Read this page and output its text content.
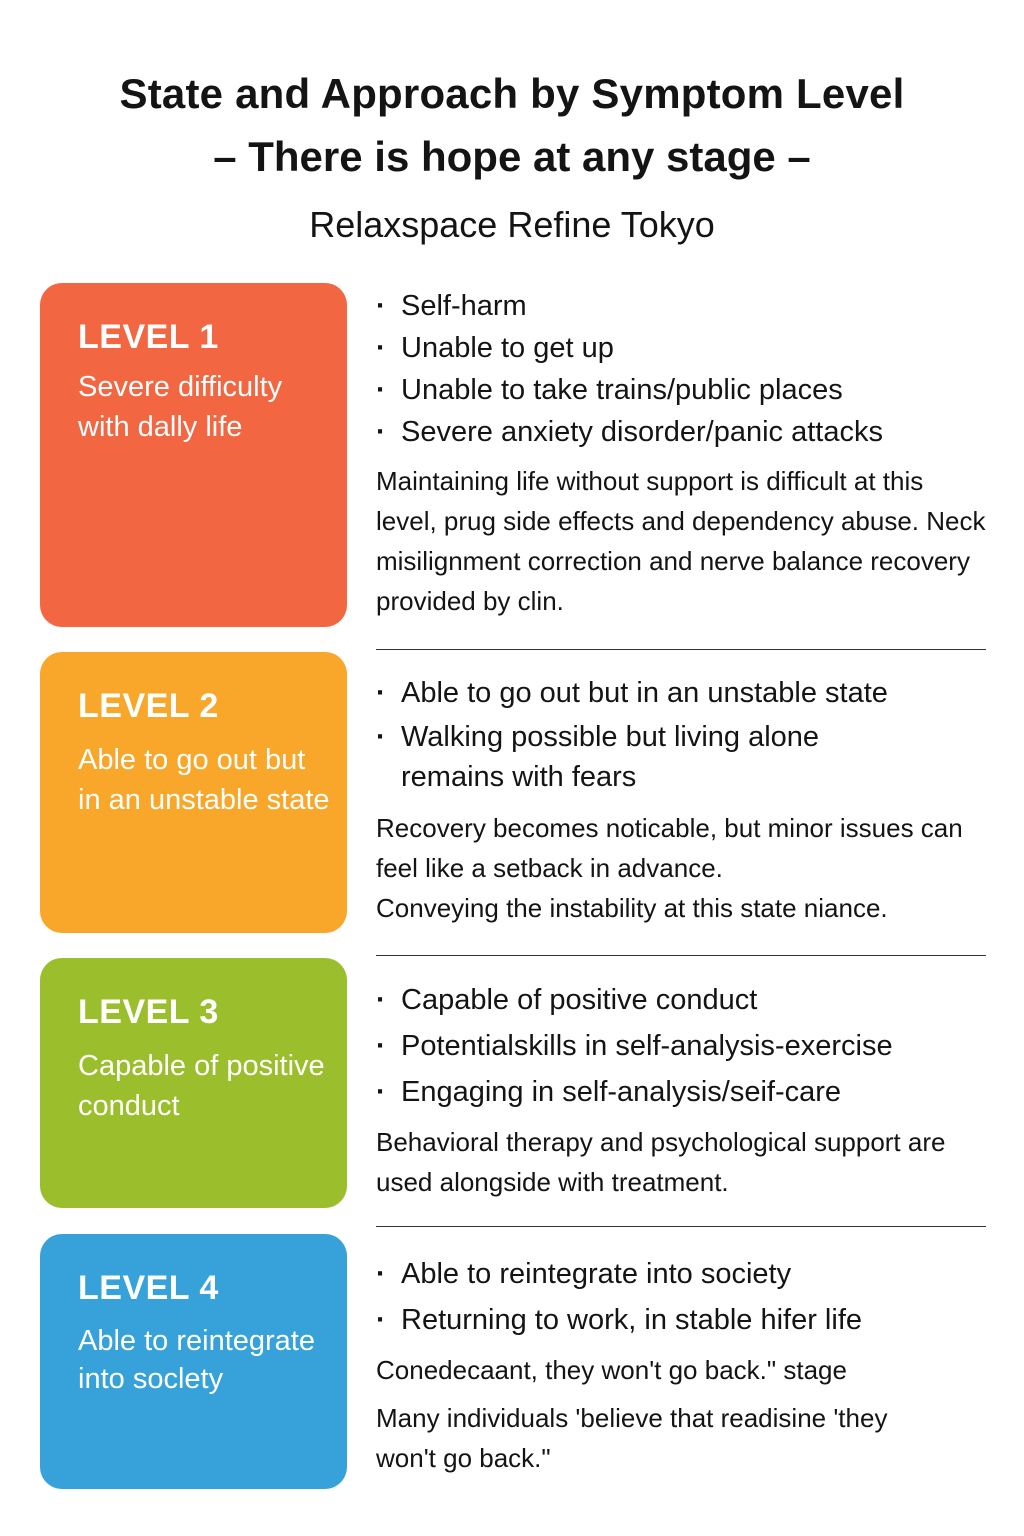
State and Approach by Symptom Level
– There is hope at any stage –
Relaxspace Refine Tokyo
LEVEL 1
Severe difficulty with dally life
· Self-harm
· Unable to get up
· Unable to take trains/public places
· Severe anxiety disorder/panic attacks

Maintaining life without support is difficult at this level, prug side effects and dependency abuse. Neck misilignment correction and nerve balance recovery provided by clin.

LEVEL 2
Able to go out but in an unstable state
· Able to go out but in an unstable state
· Walking possible but living alone remains with fears

Recovery becomes noticable, but minor issues can feel like a setback in advance.

Conveying the instability at this state niance.

LEVEL 3
Capable of positive conduct
· Capable of positive conduct
· Potentialskills in self-analysis-exercise
· Engaging in self-analysis/seif-care

Behavioral therapy and psychological support are used alongside with treatment.

LEVEL 4
Able to reintegrate into soclety
· Able to reintegrate into society
· Returning to work, in stable hifer life

Conedecaant, they won't go back." stage

Many individuals 'believe that readisine 'they won't go back."
